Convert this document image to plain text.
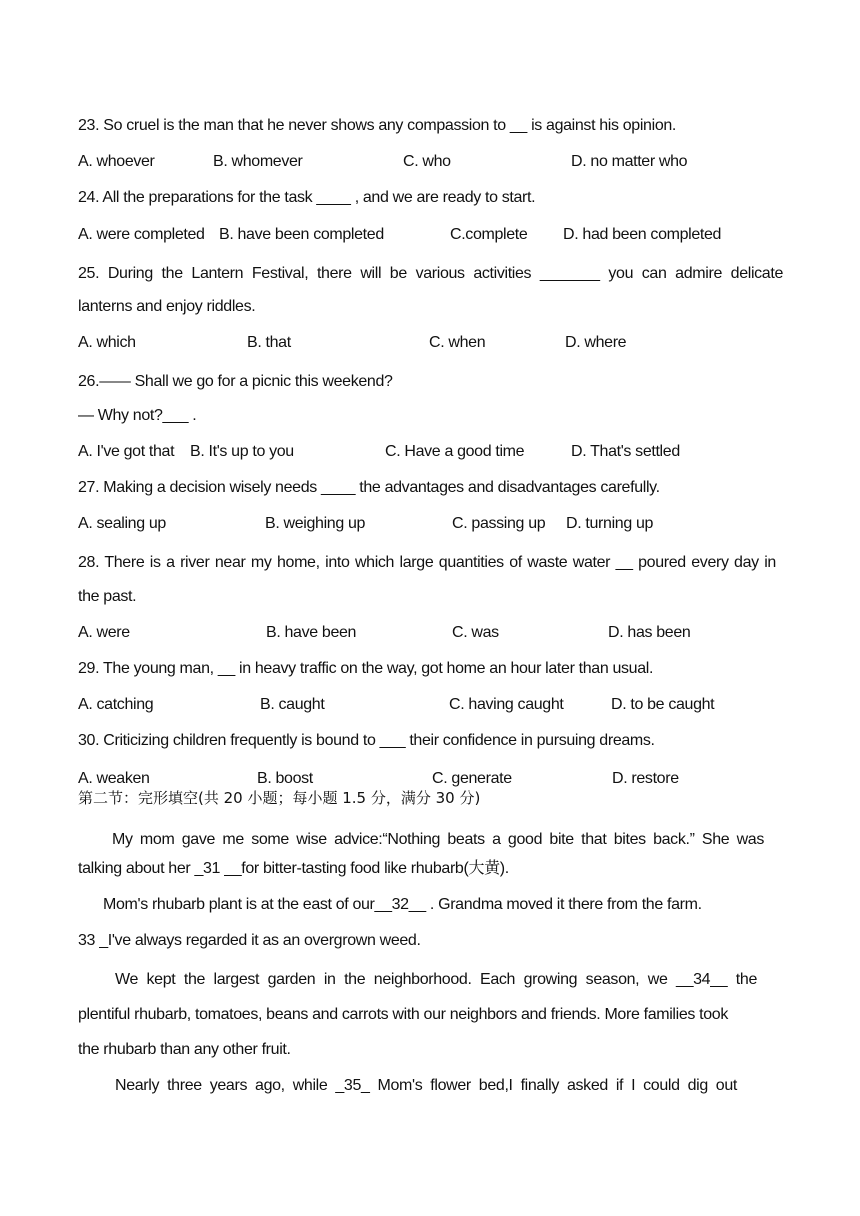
23. So cruel is the man that he never shows any compassion to __ is against his opinion.
A. whoever	B. whomever	C. who	D. no matter who
24. All the preparations for the task ____ , and we are ready to start.
A. were completed B. have been completed	C.complete D. had been completed
25. During the Lantern Festival, there will be various activities _______ you can admire delicate
lanterns and enjoy riddles.
A. which	B. that	C. when	D. where
26.—— Shall we go for a picnic this weekend?
— Why not?___ .
A. I've got that B. It's up to you	C. Have a good time	D. That's settled
27. Making a decision wisely needs ____ the advantages and disadvantages carefully.
A. sealing up	B. weighing up	C. passing up D. turning up
28. There is a river near my home, into which large quantities of waste water __ poured every day in
the past.
A. were	B. have been	C. was	D. has been
29. The young man, __ in heavy traffic on the way, got home an hour later than usual.
A. catching	B. caught	C. having caught	D. to be caught
30. Criticizing children frequently is bound to ___ their confidence in pursuing dreams.
A. weaken	B. boost	C. generate	D. restore
第二节：完形填空(共 20 小题；每小题 1.5 分，满分 30 分)
My mom gave me some wise advice:“Nothing beats a good bite that bites back.” She was
talking about her _31 __for bitter-tasting food like rhubarb(大黄).
Mom's rhubarb plant is at the east of our__32__ . Grandma moved it there from the farm.
33 _I've always regarded it as an overgrown weed.
We kept the largest garden in the neighborhood. Each growing season, we __34__ the
plentiful rhubarb, tomatoes, beans and carrots with our neighbors and friends. More families took
the rhubarb than any other fruit.
Nearly three years ago, while _35_ Mom's flower bed,I finally asked if I could dig out
